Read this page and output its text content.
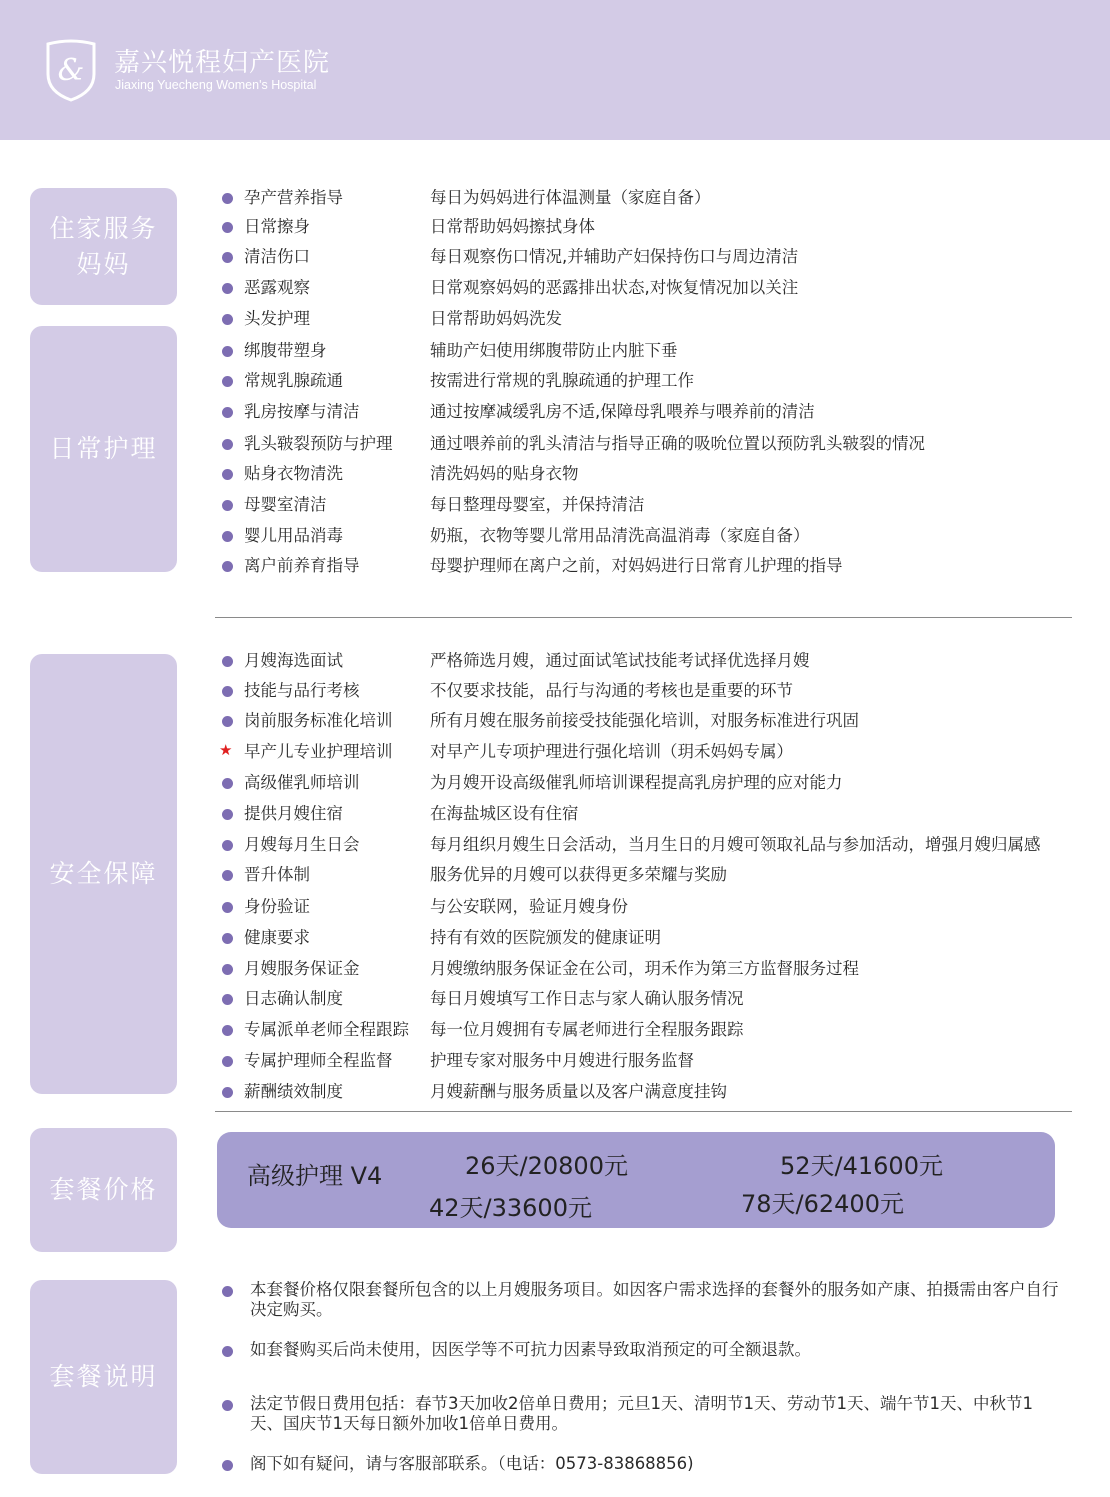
& 嘉兴悦程妇产医院
Jiaxing Yuecheng Women's Hospital
住家服务 妈妈
日常护理
安全保障
套餐价格
套餐说明
孕产营养指导	每日为妈妈进行体温测量（家庭自备）
日常擦身	日常帮助妈妈擦拭身体
清洁伤口	每日观察伤口情况,并辅助产妇保持伤口与周边清洁
恶露观察	日常观察妈妈的恶露排出状态,对恢复情况加以关注
头发护理	日常帮助妈妈洗发
绑腹带塑身	辅助产妇使用绑腹带防止内脏下垂
常规乳腺疏通	按需进行常规的乳腺疏通的护理工作
乳房按摩与清洁	通过按摩减缓乳房不适,保障母乳喂养与喂养前的清洁
乳头皲裂预防与护理 通过喂养前的乳头清洁与指导正确的吸吮位置以预防乳头皲裂的情况
贴身衣物清洗	清洗妈妈的贴身衣物
母婴室清洁	每日整理母婴室，并保持清洁
婴儿用品消毒	奶瓶，衣物等婴儿常用品清洗高温消毒（家庭自备）
离户前养育指导	母婴护理师在离户之前，对妈妈进行日常育儿护理的指导
月嫂海选面试	严格筛选月嫂，通过面试笔试技能考试择优选择月嫂
技能与品行考核	不仅要求技能，品行与沟通的考核也是重要的环节
岗前服务标准化培训 所有月嫂在服务前接受技能强化培训，对服务标准进行巩固
★ 早产儿专业护理培训 对早产儿专项护理进行强化培训（玥禾妈妈专属）
高级催乳师培训	为月嫂开设高级催乳师培训课程提高乳房护理的应对能力
提供月嫂住宿	在海盐城区设有住宿
月嫂每月生日会	每月组织月嫂生日会活动，当月生日的月嫂可领取礼品与参加活动，增强月嫂归属感
晋升体制	服务优异的月嫂可以获得更多荣耀与奖励
身份验证	与公安联网，验证月嫂身份
健康要求	持有有效的医院颁发的健康证明
月嫂服务保证金	月嫂缴纳服务保证金在公司，玥禾作为第三方监督服务过程
日志确认制度	每日月嫂填写工作日志与家人确认服务情况
专属派单老师全程跟踪 每一位月嫂拥有专属老师进行全程服务跟踪
专属护理师全程监督 护理专家对服务中月嫂进行服务监督
薪酬绩效制度	月嫂薪酬与服务质量以及客户满意度挂钩
高级护理 V4	26天/20800元	52天/41600元
42天/33600元	78天/62400元
本套餐价格仅限套餐所包含的以上月嫂服务项目。如因客户需求选择的套餐外的服务如产康、拍摄需由客户自行决定购买。
如套餐购买后尚未使用，因医学等不可抗力因素导致取消预定的可全额退款。
法定节假日费用包括：春节3天加收2倍单日费用；元旦1天、清明节1天、劳动节1天、端午节1天、中秋节1天、国庆节1天每日额外加收1倍单日费用。
阁下如有疑问，请与客服部联系。（电话：0573-83868856)
